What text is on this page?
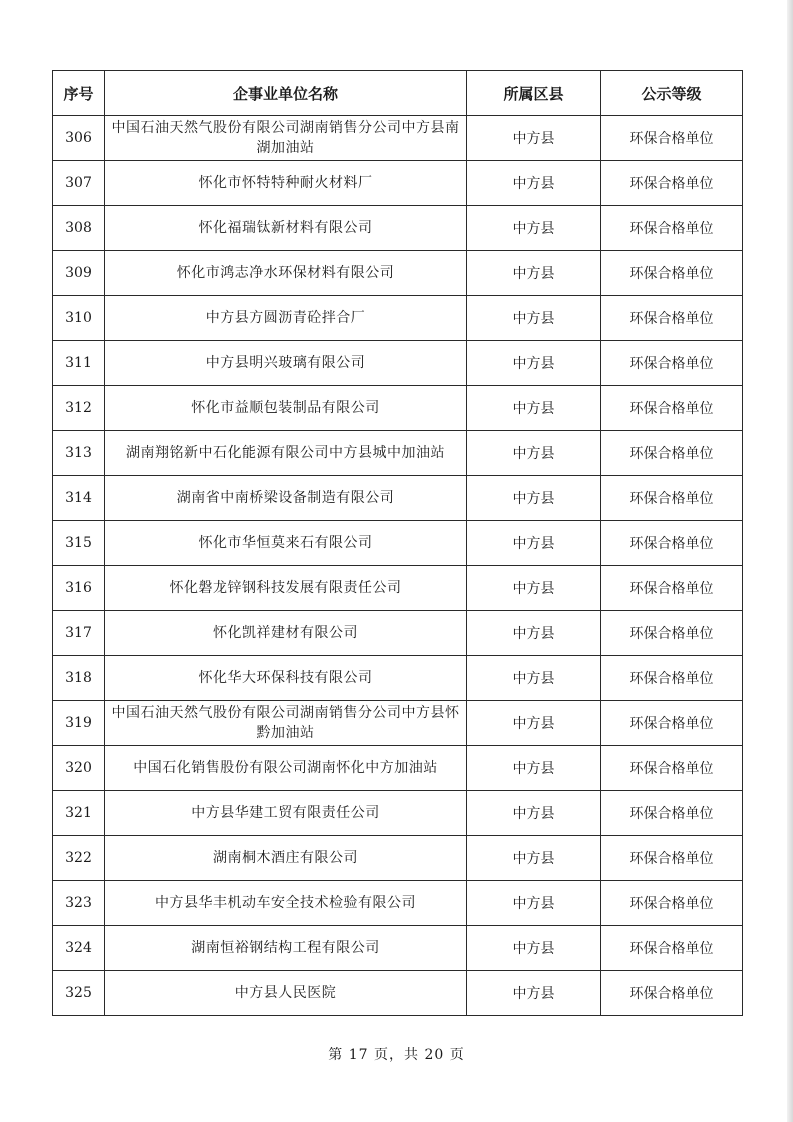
序号	企事业单位名称	所属区县	公示等级
306	中国石油天然气股份有限公司湖南销售分公司中方县南湖加油站	中方县	环保合格单位
307	怀化市怀特特种耐火材料厂	中方县	环保合格单位
308	怀化福瑞钛新材料有限公司	中方县	环保合格单位
309	怀化市鸿志净水环保材料有限公司	中方县	环保合格单位
310	中方县方圆沥青砼拌合厂	中方县	环保合格单位
311	中方县明兴玻璃有限公司	中方县	环保合格单位
312	怀化市益顺包装制品有限公司	中方县	环保合格单位
313	湖南翔铭新中石化能源有限公司中方县城中加油站	中方县	环保合格单位
314	湖南省中南桥梁设备制造有限公司	中方县	环保合格单位
315	怀化市华恒莫来石有限公司	中方县	环保合格单位
316	怀化磐龙锌钢科技发展有限责任公司	中方县	环保合格单位
317	怀化凯祥建材有限公司	中方县	环保合格单位
318	怀化华大环保科技有限公司	中方县	环保合格单位
319	中国石油天然气股份有限公司湖南销售分公司中方县怀黔加油站	中方县	环保合格单位
320	中国石化销售股份有限公司湖南怀化中方加油站	中方县	环保合格单位
321	中方县华建工贸有限责任公司	中方县	环保合格单位
322	湖南桐木酒庄有限公司	中方县	环保合格单位
323	中方县华丰机动车安全技术检验有限公司	中方县	环保合格单位
324	湖南恒裕钢结构工程有限公司	中方县	环保合格单位
325	中方县人民医院	中方县	环保合格单位
第 17 页，共 20 页
